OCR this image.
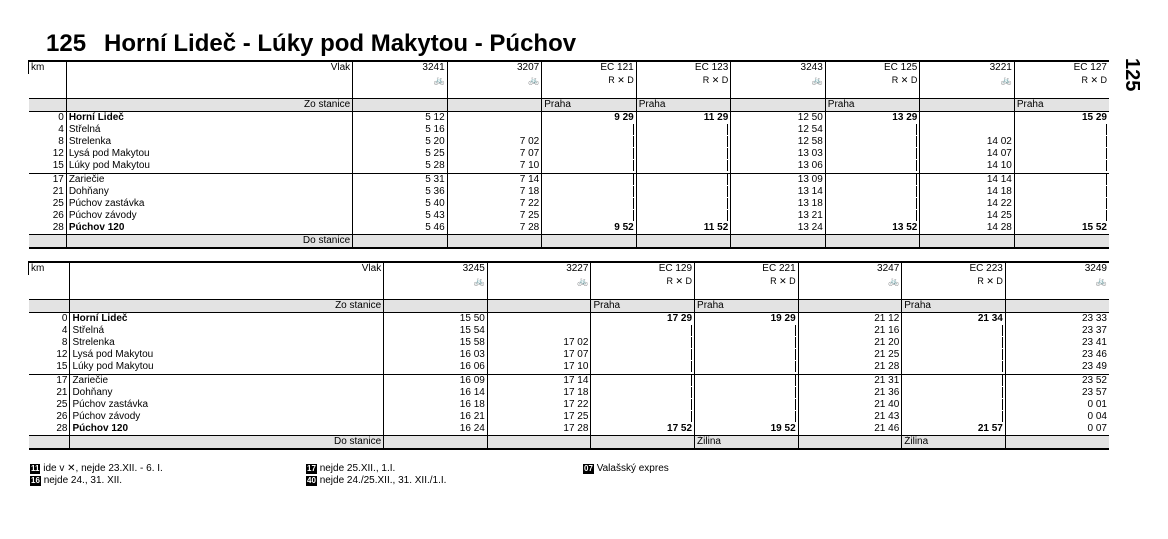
125 Horní Lideč - Lúky pod Makytou - Púchov
125
km	Vlak	3241	3207	EC 121	EC 123	3243	EC 125	3221	EC 127
		🚲	🚲	R ✕ D	R ✕ D	🚲	R ✕ D	🚲	R ✕ D

	Zo stanice			Praha	Praha		Praha		Praha
0	Horní Lideč	5 12		9 29	11 29	12 50	13 29		15 29
4	Střelná	5 16				12 54			
8	Strelenka	5 20	7 02			12 58		14 02	
12	Lysá pod Makytou	5 25	7 07			13 03		14 07	
15	Lúky pod Makytou	5 28	7 10			13 06		14 10	
17	Zariečie	5 31	7 14			13 09		14 14	
21	Dohňany	5 36	7 18			13 14		14 18	
25	Púchov zastávka	5 40	7 22			13 18		14 22	
26	Púchov závody	5 43	7 25			13 21		14 25	
28	Púchov 120	5 46	7 28	9 52	11 52	13 24	13 52	14 28	15 52
	Do stanice								
km	Vlak	3245	3227	EC 129	EC 221	3247	EC 223	3249
		🚲	🚲	R ✕ D	R ✕ D	🚲	R ✕ D	🚲

	Zo stanice			Praha	Praha		Praha	
0	Horní Lideč	15 50		17 29	19 29	21 12	21 34	23 33
4	Střelná	15 54				21 16		23 37
8	Strelenka	15 58	17 02			21 20		23 41
12	Lysá pod Makytou	16 03	17 07			21 25		23 46
15	Lúky pod Makytou	16 06	17 10			21 28		23 49
17	Zariečie	16 09	17 14			21 31		23 52
21	Dohňany	16 14	17 18			21 36		23 57
25	Púchov zastávka	16 18	17 22			21 40		0 01
26	Púchov závody	16 21	17 25			21 43		0 04
28	Púchov 120	16 24	17 28	17 52	19 52	21 46	21 57	0 07
	Do stanice				Žilina		Žilina	
11 ide v ✕, nejde 23.XII. - 6. I.
16 nejde 24., 31. XII.
17 nejde 25.XII., 1.I.
40 nejde 24./25.XII., 31. XII./1.I.
07 Valašský expres
